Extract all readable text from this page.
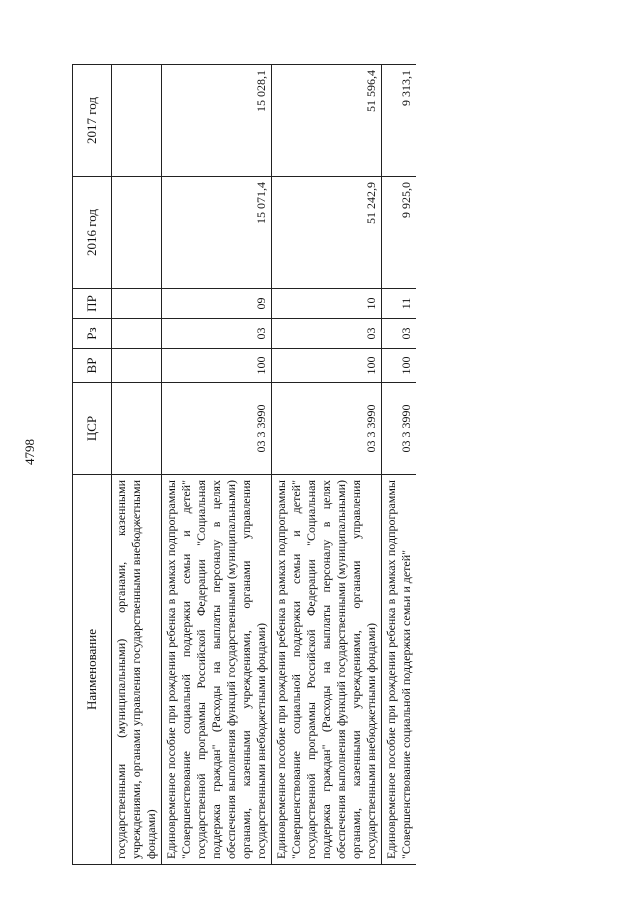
4798
Наименование	ЦСР	ВР	Рз	ПР	2016 год	2017 год
государственными (муниципальными) органами, казенными учреждениями, органами управления государственными внебюджетными фондами)						
Единовременное пособие при рождении ребенка в рамках подпрограммы "Совершенствование социальной поддержки семьи и детей" государственной программы Российской Федерации "Социальная поддержка граждан" (Расходы на выплаты персоналу в целях обеспечения выполнения функций государственными (муниципальными) органами, казенными учреждениями, органами управления государственными внебюджетными фондами)	03 3 3990	100	03	09	15 071,4	15 028,1
Единовременное пособие при рождении ребенка в рамках подпрограммы "Совершенствование социальной поддержки семьи и детей" государственной программы Российской Федерации "Социальная поддержка граждан" (Расходы на выплаты персоналу в целях обеспечения выполнения функций государственными (муниципальными) органами, казенными учреждениями, органами управления государственными внебюджетными фондами)	03 3 3990	100	03	10	51 242,9	51 596,4
Единовременное пособие при рождении ребенка в рамках подпрограммы "Совершенствование социальной поддержки семьи и детей"	03 3 3990	100	03	11	9 925,0	9 313,1
